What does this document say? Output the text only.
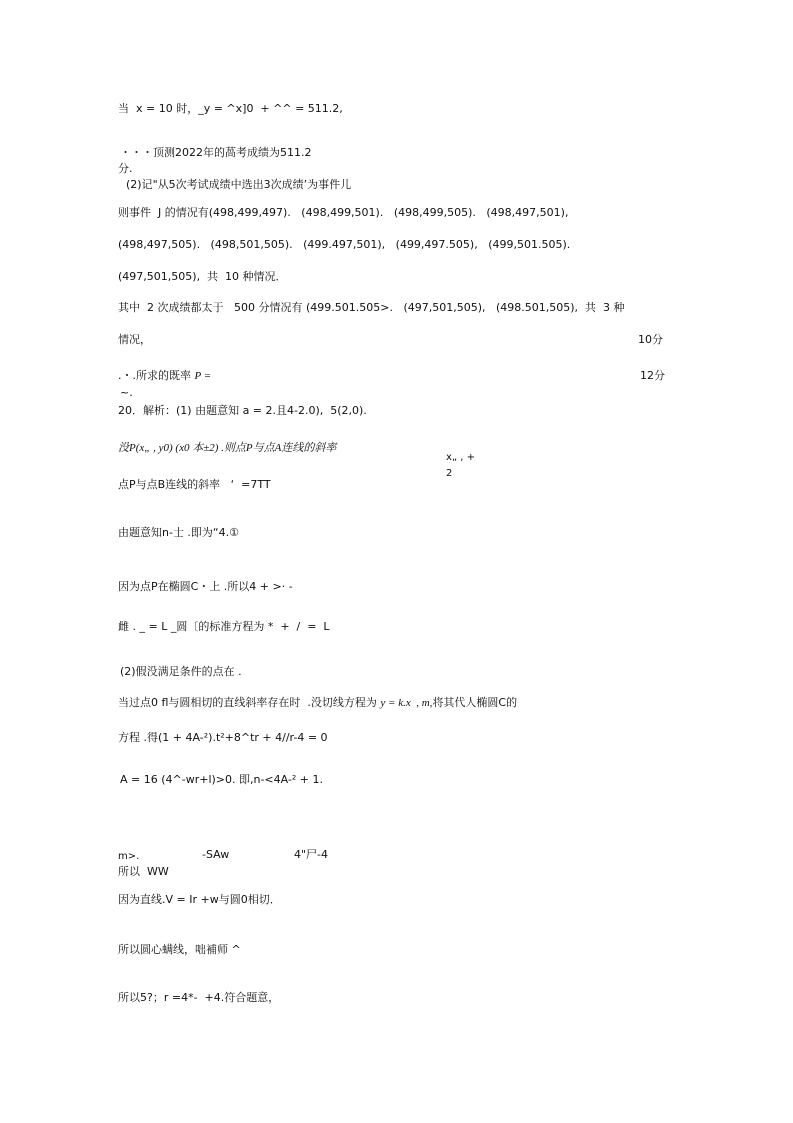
当  x = 10 时，_y = ^x]0  + ^^ = 511.2,
・・・顶测2022年的萵考成绩为511.2
分.
(2)记"从5次考试成绩中选出3次成绩’为事件儿
则事件  J 的情况有(498,499,497).   (498,499,501).   (498,499,505).   (498,497,501),
(498,497,505).   (498,501,505).   (499.497,501),   (499,497.505),   (499,501.505).
(497,501,505),  共  10 种情况．
其中  2 次成绩都太于   500 分情况有 (499.501.505>.   (497,501,505),   (498.501,505),  共  3 种
情况，	10分
.・.所求的既率 P =	12分
~.
20．解析：(1) 由题意知 a = 2.且4-2.0),  5(2,0).
没P(x„ , y0) (x0 本±2) .则点P与点A连线的斜率
x„ , +
2
点P与点B连线的斜率   ‘  =7TT
由题意知n-士 .即为“4.①
因为点P在椭圆C・上 .所以4 + >· -
雌 . _ = L _圆〔的标准方程为 *  +  /  =  L
(2)假没满足条件的点在 .
当过点0 fl与圆相切的直线斜率存在时  .没切线方程为 y = k.x  , m,将其代人椭圆C的
方程 .得(1 + 4A-²).t²+8^tr + 4//r-4 = 0
A = 16 (4^-wr+l)>0. 即,n-<4A-² + 1.
m>.	-SAw	4"尸-4
所以  WW
因为直线.V = Ir +w与圆0相切．
所以圆心螨线，咄補师 ^
所以5?；r =4*-  +4.符合题意，
